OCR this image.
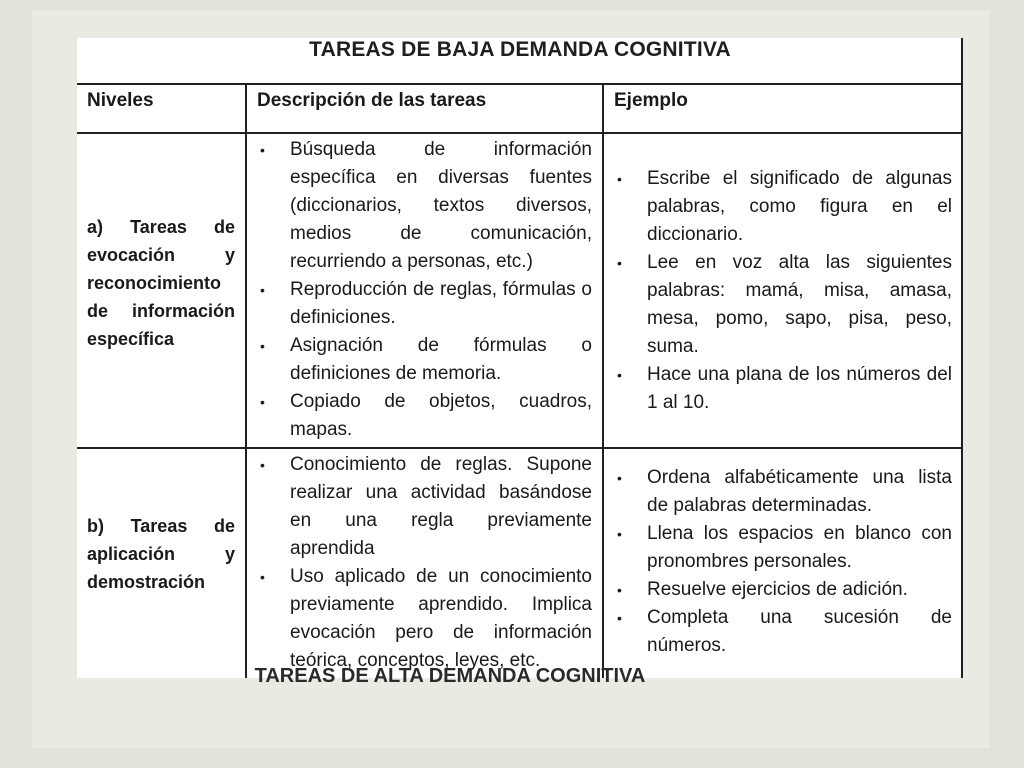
TAREAS DE BAJA DEMANDA COGNITIVA
Niveles	Descripción de las tareas	Ejemplo
a) Tareas de evocación y reconocimiento de información específica
• Búsqueda de información específica en diversas fuentes (diccionarios, textos diversos, medios de comunicación, recurriendo a personas, etc.)
• Reproducción de reglas, fórmulas o definiciones.
• Asignación de fórmulas o definiciones de memoria.
• Copiado de objetos, cuadros, mapas.
• Escribe el significado de algunas palabras, como figura en el diccionario.
• Lee en voz alta las siguientes palabras: mamá, misa, amasa, mesa, pomo, sapo, pisa, peso, suma.
• Hace una plana de los números del 1 al 10.
b) Tareas de aplicación y demostración
• Conocimiento de reglas. Supone realizar una actividad basándose en una regla previamente aprendida
• Uso aplicado de un conocimiento previamente aprendido. Implica evocación pero de información teórica, conceptos, leyes, etc.
• Ordena alfabéticamente una lista de palabras determinadas.
• Llena los espacios en blanco con pronombres personales.
• Resuelve ejercicios de adición.
• Completa una sucesión de números.
TAREAS DE ALTA DEMANDA COGNITIVA
